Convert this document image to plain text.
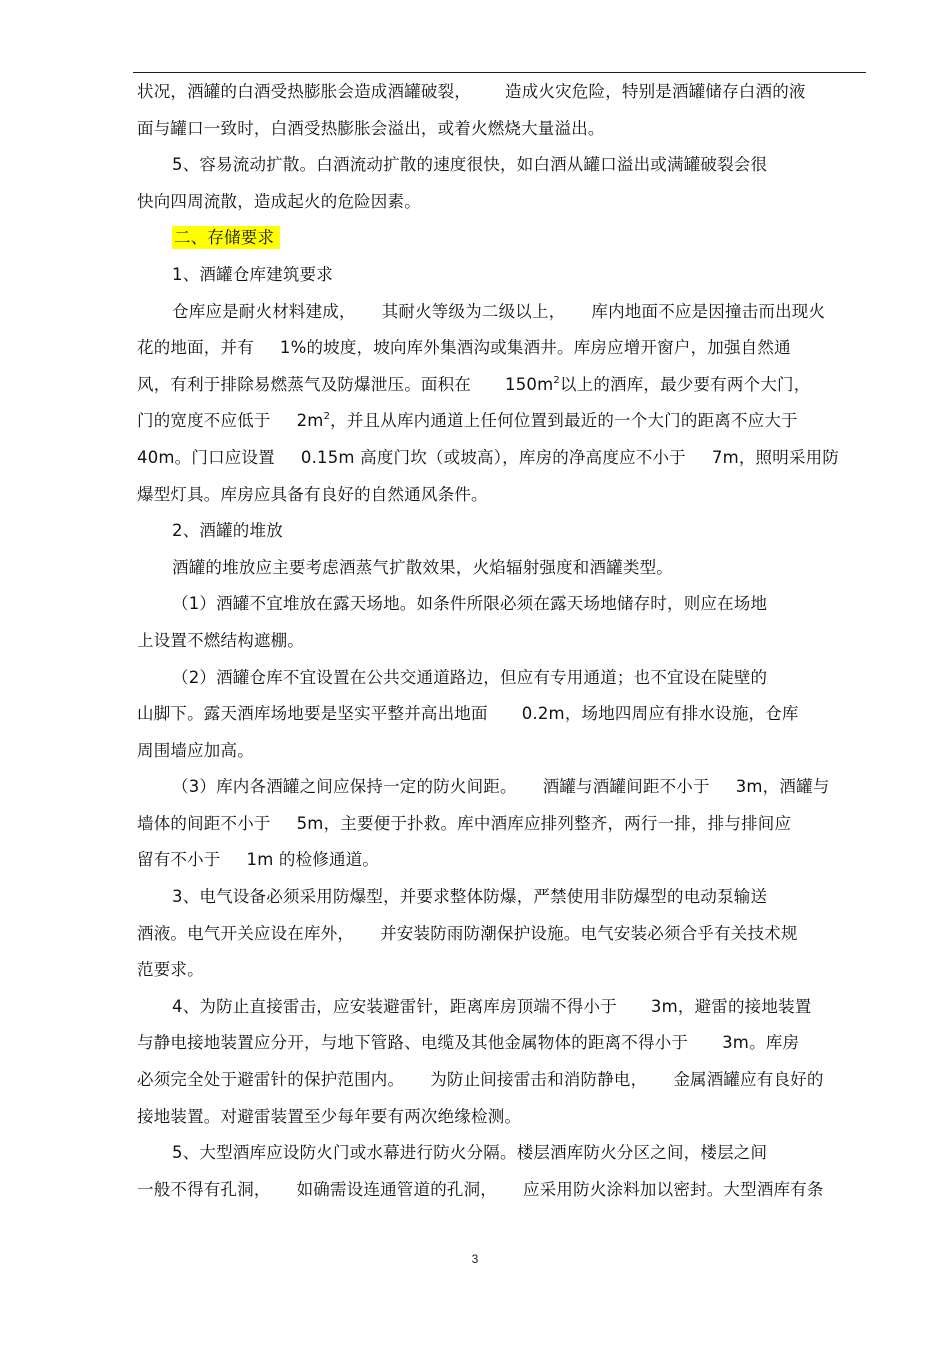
状况，酒罐的白酒受热膨胀会造成酒罐破裂， 造成火灾危险，特别是酒罐储存白酒的液
面与罐口一致时，白酒受热膨胀会溢出，或着火燃烧大量溢出。
5、容易流动扩散。白酒流动扩散的速度很快，如白酒从罐口溢出或满罐破裂会很
快向四周流散，造成起火的危险因素。
二、存储要求
1、酒罐仓库建筑要求
仓库应是耐火材料建成， 其耐火等级为二级以上， 库内地面不应是因撞击而出现火
花的地面，并有 1%的坡度，坡向库外集酒沟或集酒井。库房应增开窗户，加强自然通
风，有利于排除易燃蒸气及防爆泄压。面积在 $150m^2$以上的酒库，最少要有两个大门，
门的宽度不应低于 $2m^2$，并且从库内通道上任何位置到最近的一个大门的距离不应大于
40m。门口应设置 0.15m 高度门坎（或坡高），库房的净高度应不小于 7m，照明采用防
爆型灯具。库房应具备有良好的自然通风条件。
2、酒罐的堆放
酒罐的堆放应主要考虑酒蒸气扩散效果，火焰辐射强度和酒罐类型。
（1）酒罐不宜堆放在露天场地。如条件所限必须在露天场地储存时，则应在场地
上设置不燃结构遮棚。
（2）酒罐仓库不宜设置在公共交通道路边，但应有专用通道；也不宜设在陡壁的
山脚下。露天酒库场地要是坚实平整并高出地面 0.2m，场地四周应有排水设施，仓库
周围墙应加高。
（3）库内各酒罐之间应保持一定的防火间距。 酒罐与酒罐间距不小于 3m，酒罐与
墙体的间距不小于 5m，主要便于扑救。库中酒库应排列整齐，两行一排，排与排间应
留有不小于 1m 的检修通道。
3、电气设备必须采用防爆型，并要求整体防爆，严禁使用非防爆型的电动泵输送
酒液。电气开关应设在库外， 并安装防雨防潮保护设施。电气安装必须合乎有关技术规
范要求。
4、为防止直接雷击，应安装避雷针，距离库房顶端不得小于 3m，避雷的接地装置
与静电接地装置应分开，与地下管路、电缆及其他金属物体的距离不得小于 3m。库房
必须完全处于避雷针的保护范围内。 为防止间接雷击和消防静电， 金属酒罐应有良好的
接地装置。对避雷装置至少每年要有两次绝缘检测。
5、大型酒库应设防火门或水幕进行防火分隔。楼层酒库防火分区之间，楼层之间
一般不得有孔洞， 如确需设连通管道的孔洞， 应采用防火涂料加以密封。大型酒库有条
3
